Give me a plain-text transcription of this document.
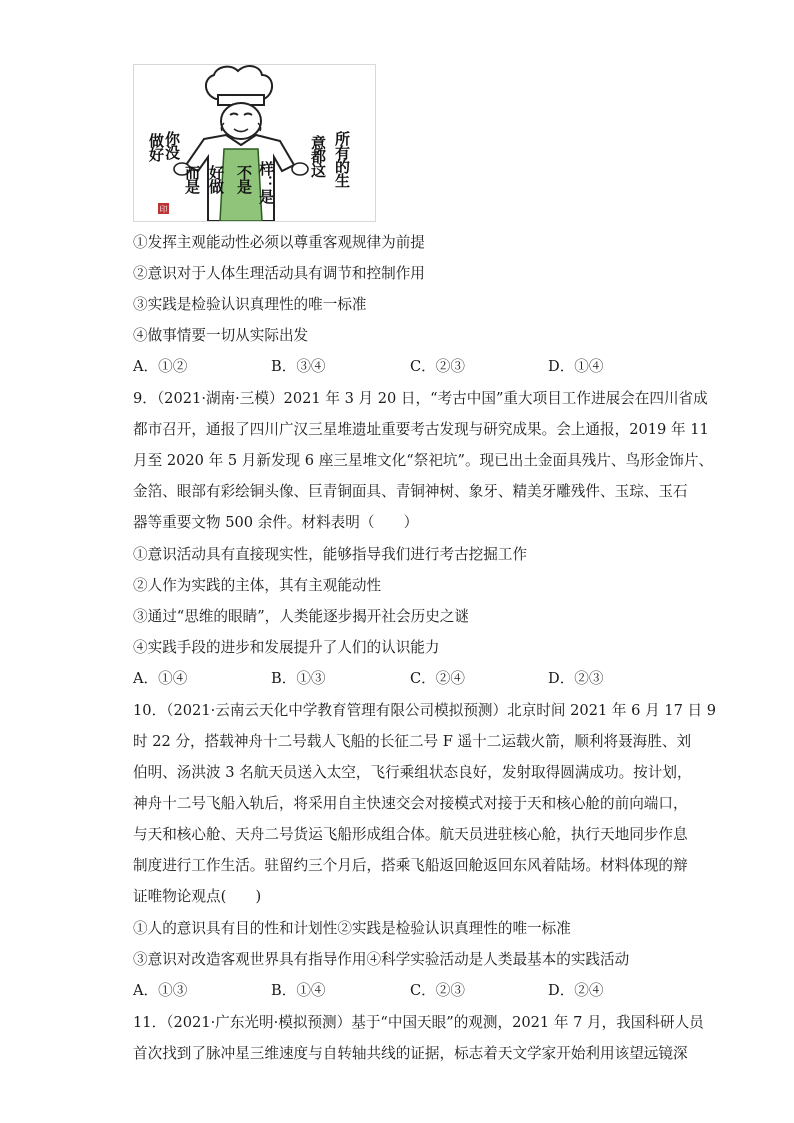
印
做好
你没
而是 好做 不是 样：是
意都这 所有的生
①发挥主观能动性必须以尊重客观规律为前提
②意识对于人体生理活动具有调节和控制作用
③实践是检验认识真理性的唯一标准
④做事情要一切从实际出发
A．①②	B．③④	C．②③	D．①④
9．（2021·湖南·三模）2021 年 3 月 20 日，“考古中国”重大项目工作进展会在四川省成
都市召开，通报了四川广汉三星堆遗址重要考古发现与研究成果。会上通报，2019 年 11
月至 2020 年 5 月新发现 6 座三星堆文化“祭祀坑”。现已出土金面具残片、鸟形金饰片、
金箔、眼部有彩绘铜头像、巨青铜面具、青铜神树、象牙、精美牙雕残件、玉琮、玉石
器等重要文物 500 余件。材料表明（　　）
①意识活动具有直接现实性，能够指导我们进行考古挖掘工作
②人作为实践的主体，其有主观能动性
③通过“思维的眼睛”，人类能逐步揭开社会历史之谜
④实践手段的进步和发展提升了人们的认识能力
A．①④	B．①③	C．②④	D．②③
10．（2021·云南云天化中学教育管理有限公司模拟预测）北京时间 2021 年 6 月 17 日 9
时 22 分，搭载神舟十二号载人飞船的长征二号 F 遥十二运载火箭，顺利将聂海胜、刘
伯明、汤洪波 3 名航天员送入太空，飞行乘组状态良好，发射取得圆满成功。按计划，
神舟十二号飞船入轨后，将采用自主快速交会对接模式对接于天和核心舱的前向端口，
与天和核心舱、天舟二号货运飞船形成组合体。航天员进驻核心舱，执行天地同步作息
制度进行工作生活。驻留约三个月后，搭乘飞船返回舱返回东风着陆场。材料体现的辩
证唯物论观点(　　)
①人的意识具有目的性和计划性②实践是检验认识真理性的唯一标准
③意识对改造客观世界具有指导作用④科学实验活动是人类最基本的实践活动
A．①③	B．①④	C．②③	D．②④
11．（2021·广东光明·模拟预测）基于“中国天眼”的观测，2021 年 7 月，我国科研人员
首次找到了脉冲星三维速度与自转轴共线的证据，标志着天文学家开始利用该望远镜深
